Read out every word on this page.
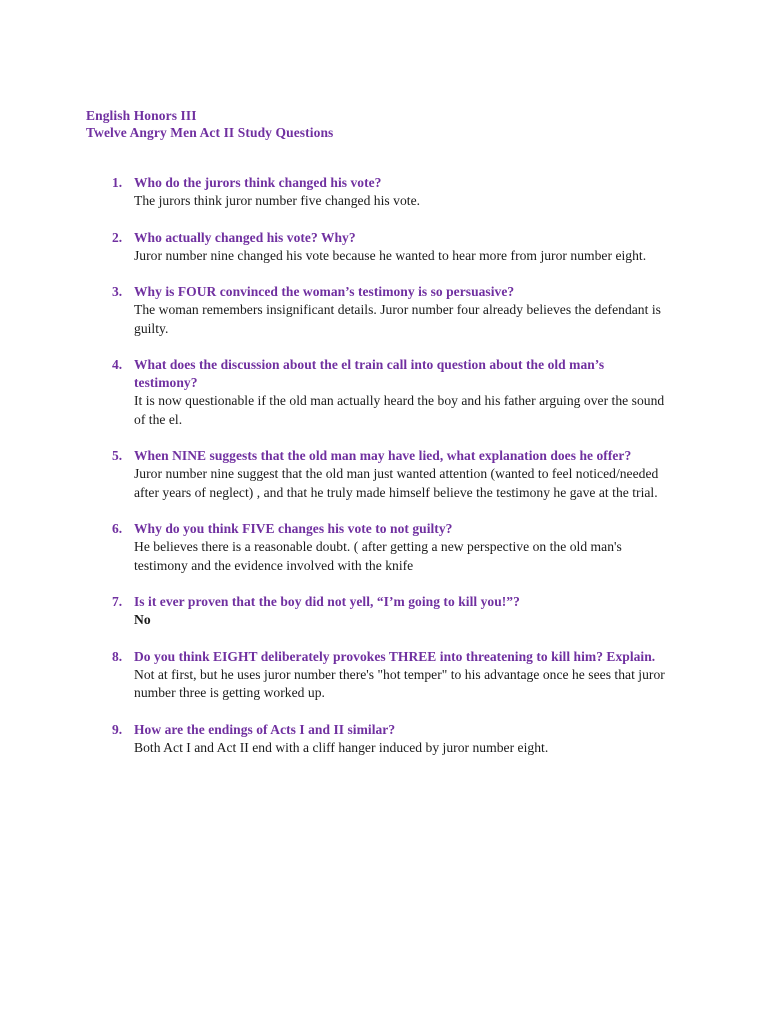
English Honors III
Twelve Angry Men Act II Study Questions
1. Who do the jurors think changed his vote?

The jurors think juror number five changed his vote.

2. Who actually changed his vote? Why?

Juror number nine changed his vote because he wanted to hear more from juror number eight.

3. Why is FOUR convinced the woman’s testimony is so persuasive?

The woman remembers insignificant details. Juror number four already believes the defendant is guilty.

4. What does the discussion about the el train call into question about the old man’s testimony?

It is now questionable if the old man actually heard the boy and his father arguing over the sound of the el.

5. When NINE suggests that the old man may have lied, what explanation does he offer?

Juror number nine suggest that the old man just wanted attention (wanted to feel noticed/needed after years of neglect) , and that he truly made himself believe the testimony he gave at the trial.

6. Why do you think FIVE changes his vote to not guilty?

He believes there is a reasonable doubt. ( after getting a new perspective on the old man's testimony and the evidence involved with the knife

7. Is it ever proven that the boy did not yell, “I’m going to kill you!”?

No

8. Do you think EIGHT deliberately provokes THREE into threatening to kill him? Explain.

Not at first, but he uses juror number there's "hot temper" to his advantage once he sees that juror number three is getting worked up.

9. How are the endings of Acts I and II similar?

Both Act I and Act II end with a cliff hanger induced by juror number eight.
